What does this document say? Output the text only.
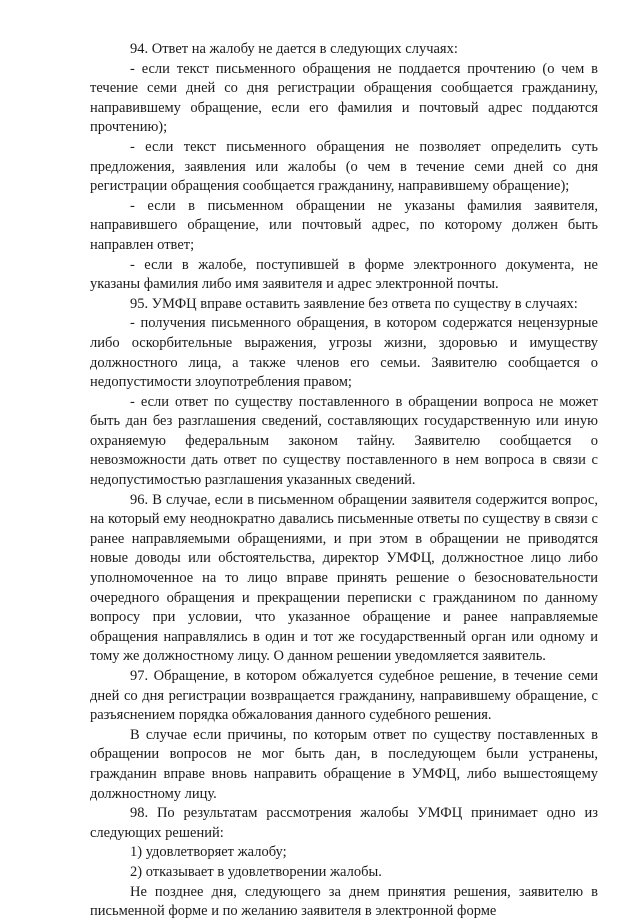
94. Ответ на жалобу не дается в следующих случаях:

- если текст письменного обращения не поддается прочтению (о чем в течение семи дней со дня регистрации обращения сообщается гражданину, направившему обращение, если его фамилия и почтовый адрес поддаются прочтению);

- если текст письменного обращения не позволяет определить суть предложения, заявления или жалобы (о чем в течение семи дней со дня регистрации обращения сообщается гражданину, направившему обращение);

- если в письменном обращении не указаны фамилия заявителя, направившего обращение, или почтовый адрес, по которому должен быть направлен ответ;

- если в жалобе, поступившей в форме электронного документа, не указаны фамилия либо имя заявителя и адрес электронной почты.

95. УМФЦ вправе оставить заявление без ответа по существу в случаях:

- получения письменного обращения, в котором содержатся нецензурные либо оскорбительные выражения, угрозы жизни, здоровью и имуществу должностного лица, а также членов его семьи. Заявителю сообщается о недопустимости злоупотребления правом;

- если ответ по существу поставленного в обращении вопроса не может быть дан без разглашения сведений, составляющих государственную или иную охраняемую федеральным законом тайну. Заявителю сообщается о невозможности дать ответ по существу поставленного в нем вопроса в связи с недопустимостью разглашения указанных сведений.

96. В случае, если в письменном обращении заявителя содержится вопрос, на который ему неоднократно давались письменные ответы по существу в связи с ранее направляемыми обращениями, и при этом в обращении не приводятся новые доводы или обстоятельства, директор УМФЦ, должностное лицо либо уполномоченное на то лицо вправе принять решение о безосновательности очередного обращения и прекращении переписки с гражданином по данному вопросу при условии, что указанное обращение и ранее направляемые обращения направлялись в один и тот же государственный орган или одному и тому же должностному лицу. О данном решении уведомляется заявитель.

97. Обращение, в котором обжалуется судебное решение, в течение семи дней со дня регистрации возвращается гражданину, направившему обращение, с разъяснением порядка обжалования данного судебного решения.

В случае если причины, по которым ответ по существу поставленных в обращении вопросов не мог быть дан, в последующем были устранены, гражданин вправе вновь направить обращение в УМФЦ, либо вышестоящему должностному лицу.

98. По результатам рассмотрения жалобы УМФЦ принимает одно из следующих решений:

1) удовлетворяет жалобу;

2) отказывает в удовлетворении жалобы.

Не позднее дня, следующего за днем принятия решения, заявителю в письменной форме и по желанию заявителя в электронной форме
